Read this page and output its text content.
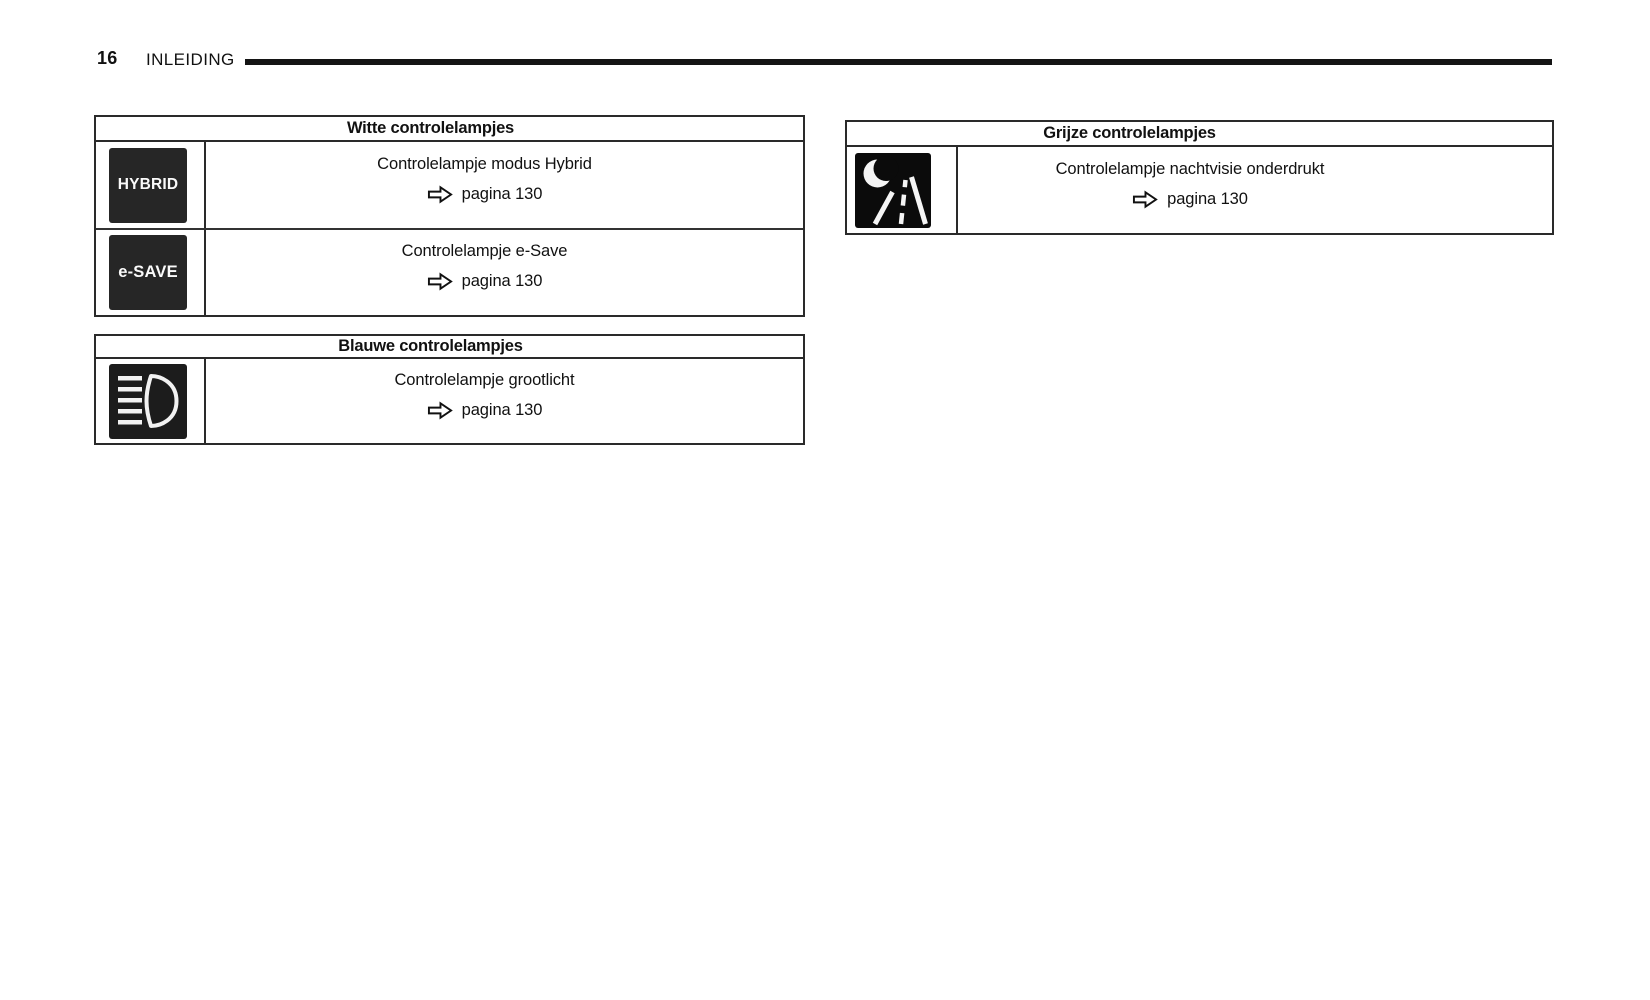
16 INLEIDING
Witte controlelampjes
HYBRID
Controlelampje modus Hybrid
pagina 130
e-SAVE
Controlelampje e-Save
pagina 130
Blauwe controlelampjes
Controlelampje grootlicht
pagina 130
Grijze controlelampjes
Controlelampje nachtvisie onderdrukt
pagina 130
